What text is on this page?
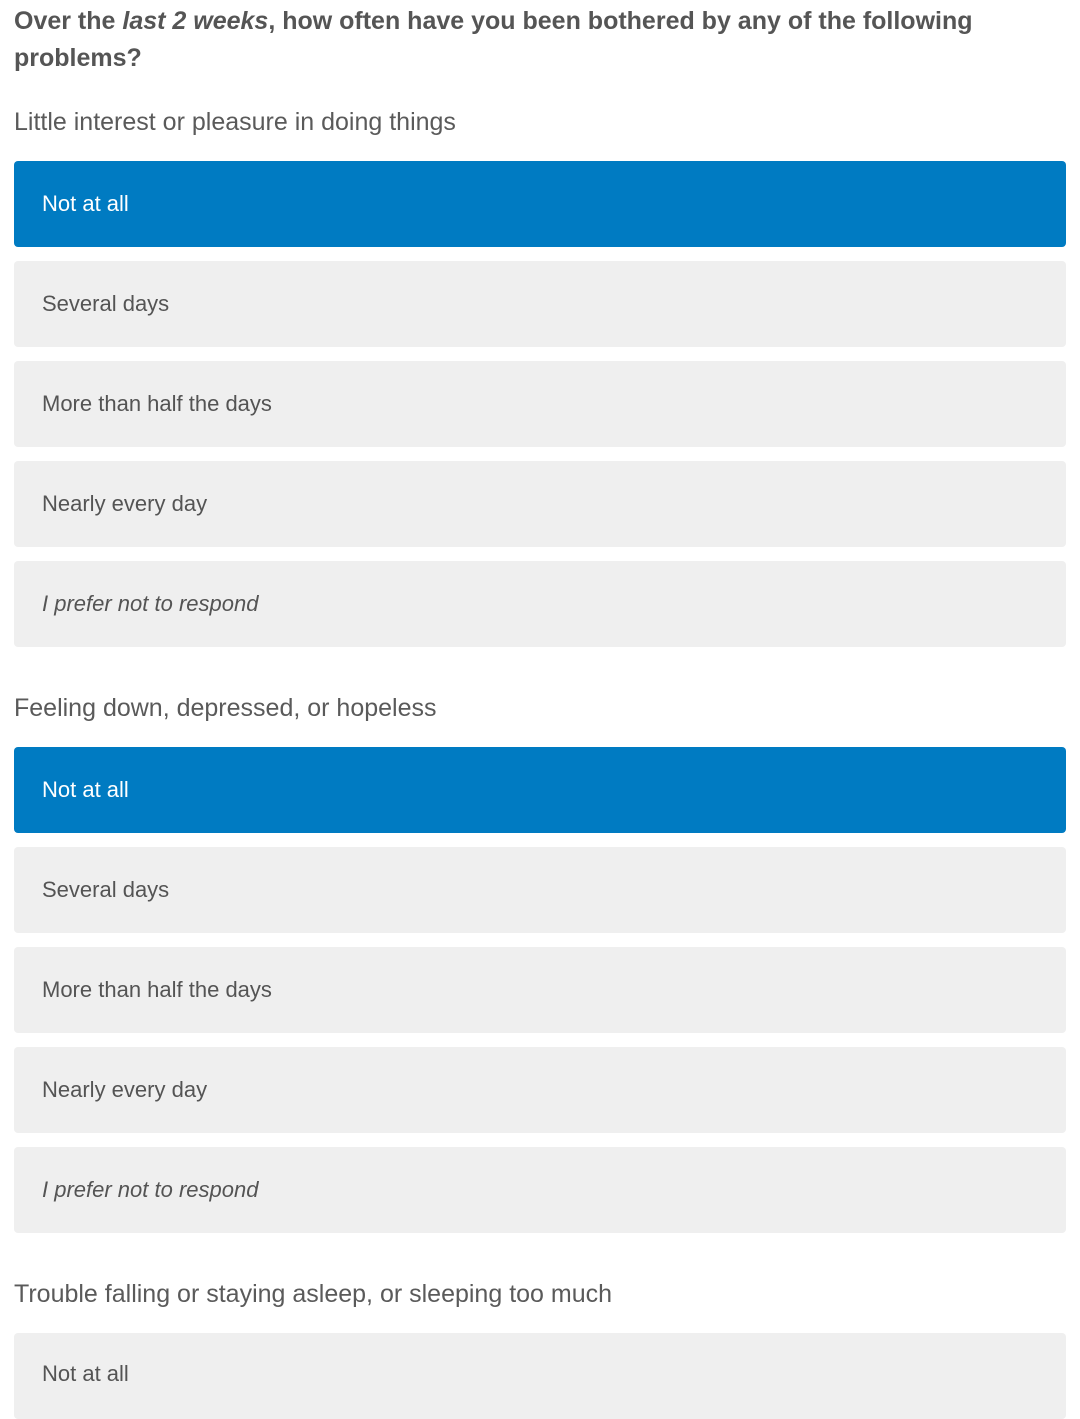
Over the last 2 weeks, how often have you been bothered by any of the following problems?

Little interest or pleasure in doing things

Not at all
Several days
More than half the days
Nearly every day
I prefer not to respond

Feeling down, depressed, or hopeless

Not at all
Several days
More than half the days
Nearly every day
I prefer not to respond

Trouble falling or staying asleep, or sleeping too much

Not at all
